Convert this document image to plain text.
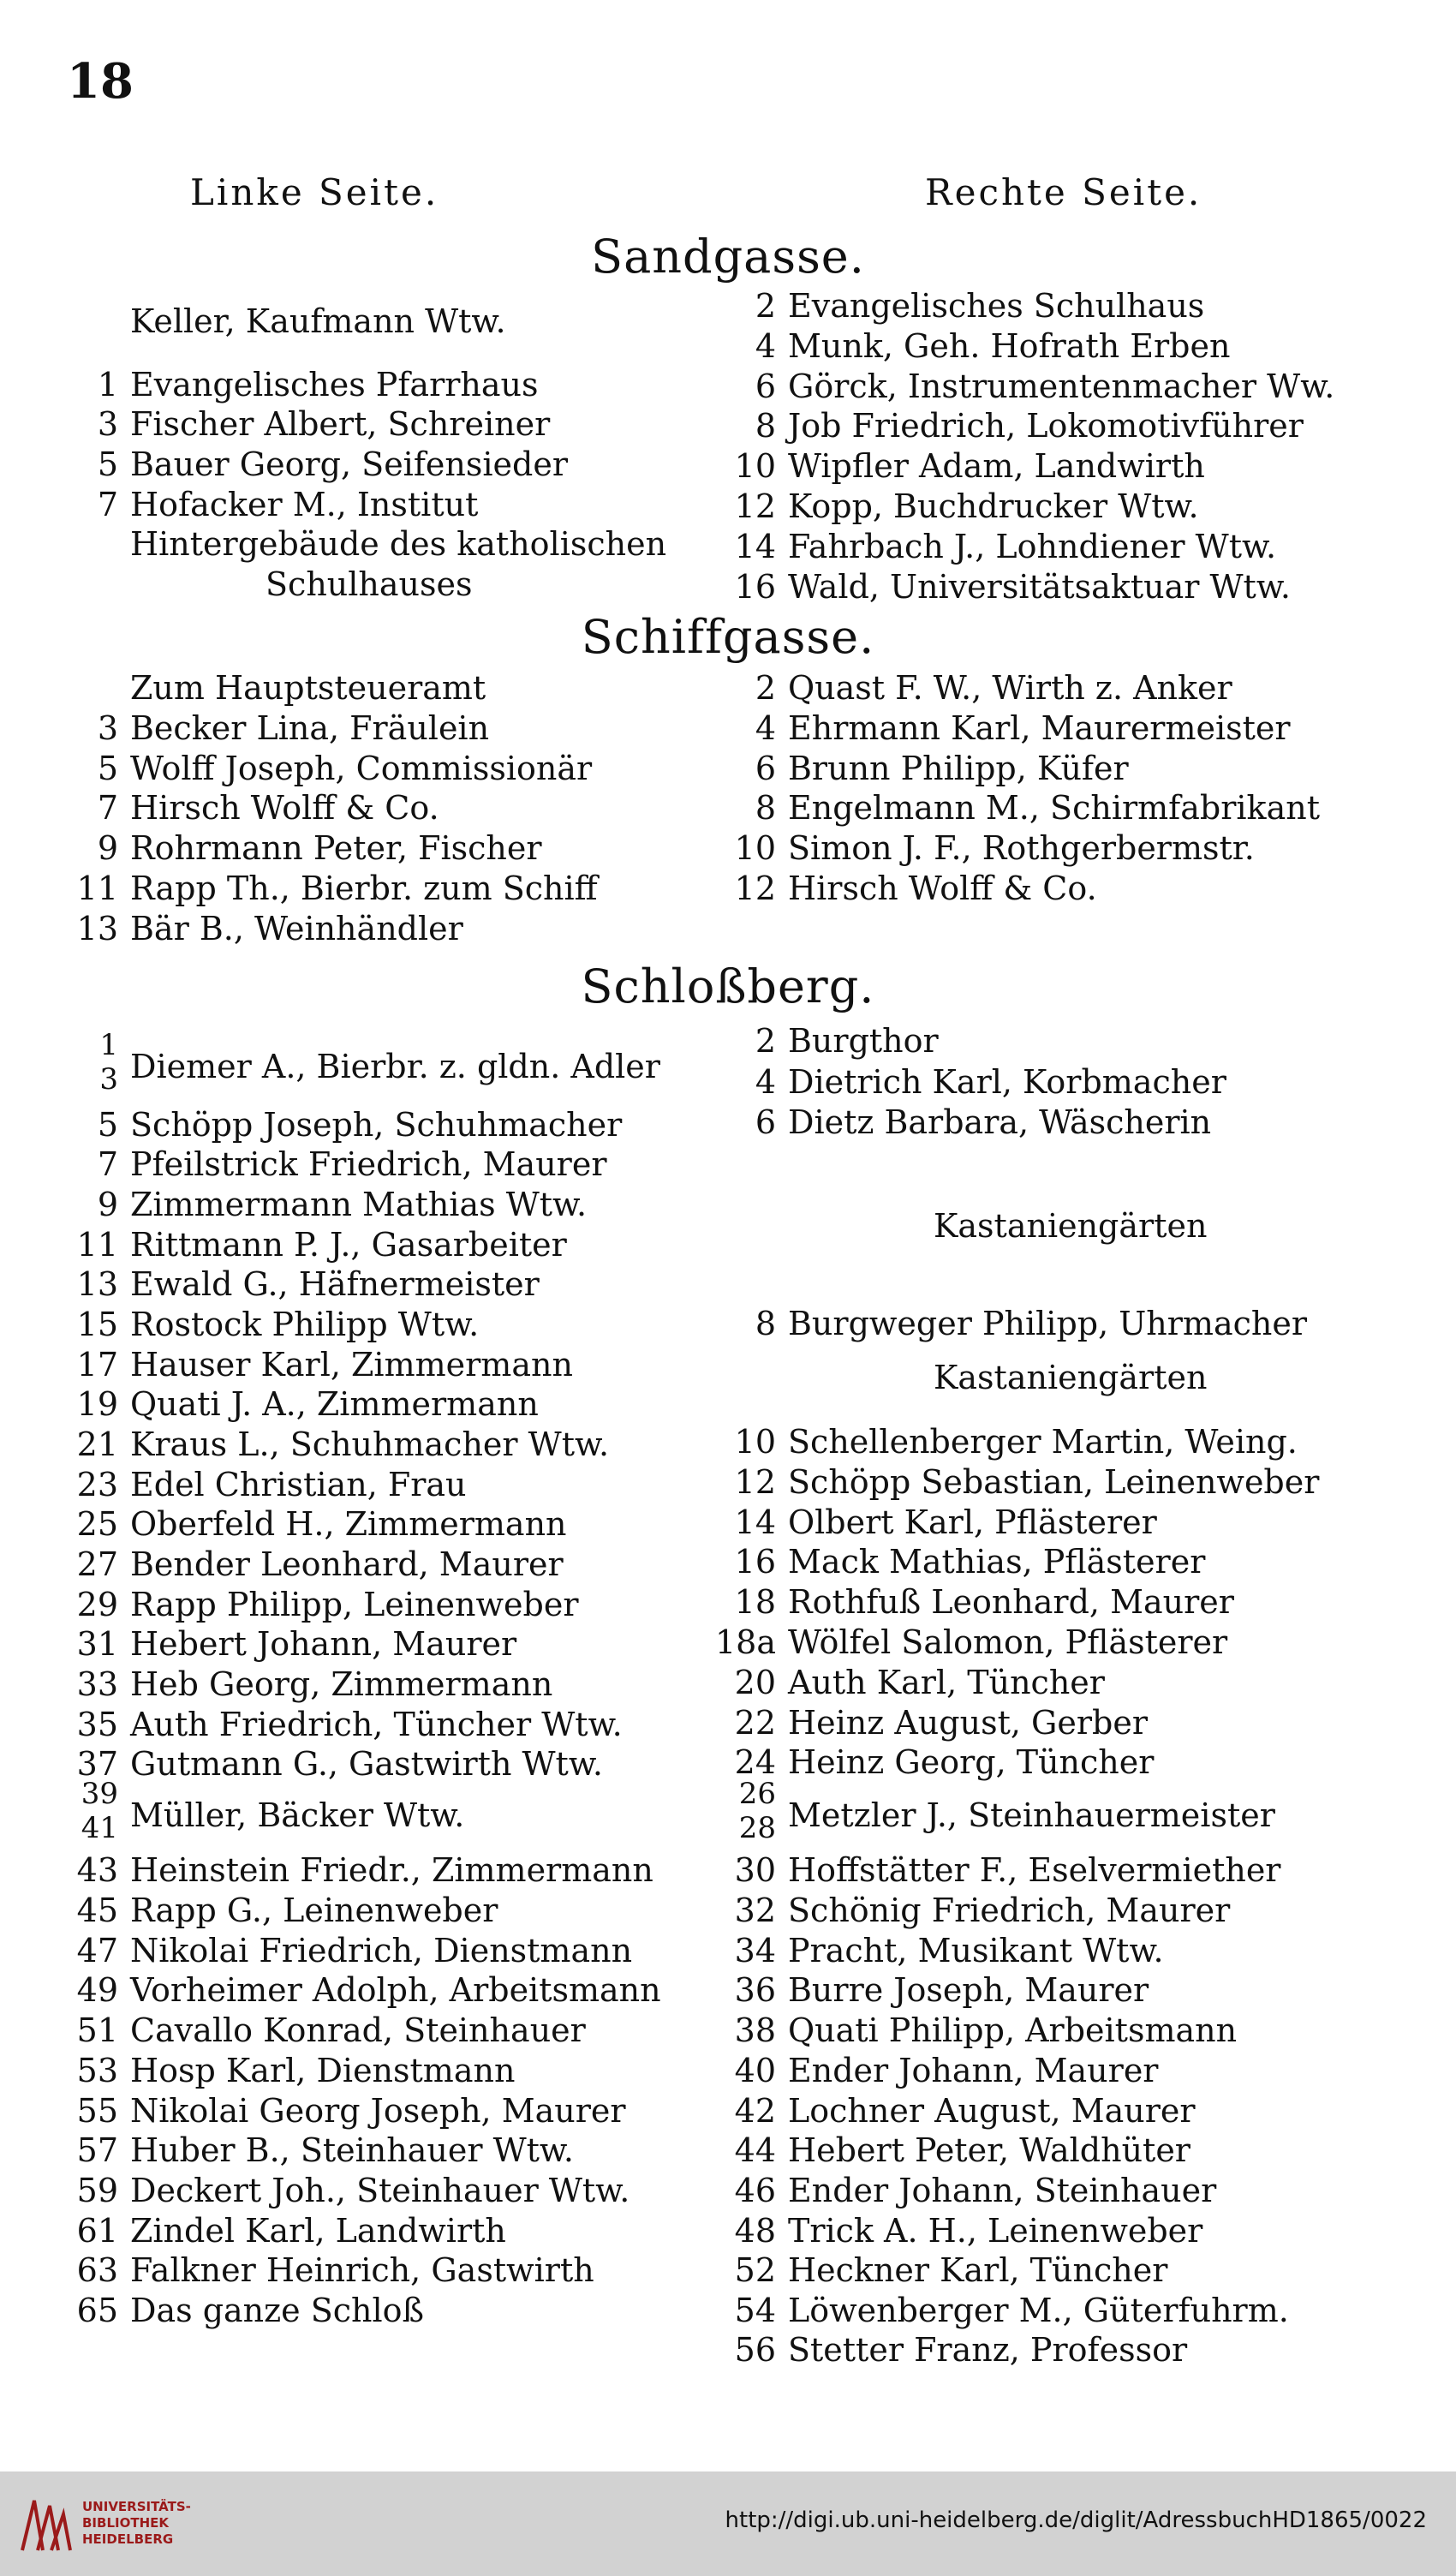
18
Linke Seite.	Rechte Seite.
Keller, Kaufmann Wtw.
1 Evangelisches Pfarrhaus
3 Fischer Albert, Schreiner
5 Bauer Georg, Seifensieder
7 Hofacker M., Institut
Hintergebäude des katholischen
Schulhauses
2 Evangelisches Schulhaus
4 Munk, Geh. Hofrath Erben
6 Görck, Instrumentenmacher Ww.
8 Job Friedrich, Lokomotivführer
10 Wipfler Adam, Landwirth
12 Kopp, Buchdrucker Wtw.
14 Fahrbach J., Lohndiener Wtw.
16 Wald, Universitätsaktuar Wtw.
Zum Hauptsteueramt
3 Becker Lina, Fräulein
5 Wolff Joseph, Commissionär
7 Hirsch Wolff & Co.
9 Rohrmann Peter, Fischer
11 Rapp Th., Bierbr. zum Schiff
13 Bär B., Weinhändler
2 Quast F. W., Wirth z. Anker
4 Ehrmann Karl, Maurermeister
6 Brunn Philipp, Küfer
8 Engelmann M., Schirmfabrikant
10 Simon J. F., Rothgerbermstr.
12 Hirsch Wolff & Co.
1
3 Diemer A., Bierbr. z. gldn. Adler
5 Schöpp Joseph, Schuhmacher
7 Pfeilstrick Friedrich, Maurer
9 Zimmermann Mathias Wtw.
11 Rittmann P. J., Gasarbeiter
13 Ewald G., Häfnermeister
15 Rostock Philipp Wtw.
17 Hauser Karl, Zimmermann
19 Quati J. A., Zimmermann
21 Kraus L., Schuhmacher Wtw.
23 Edel Christian, Frau
25 Oberfeld H., Zimmermann
27 Bender Leonhard, Maurer
29 Rapp Philipp, Leinenweber
31 Hebert Johann, Maurer
33 Heb Georg, Zimmermann
35 Auth Friedrich, Tüncher Wtw.
37 Gutmann G., Gastwirth Wtw.
39
41 Müller, Bäcker Wtw.
43 Heinstein Friedr., Zimmermann
45 Rapp G., Leinenweber
47 Nikolai Friedrich, Dienstmann
49 Vorheimer Adolph, Arbeitsmann
51 Cavallo Konrad, Steinhauer
53 Hosp Karl, Dienstmann
55 Nikolai Georg Joseph, Maurer
57 Huber B., Steinhauer Wtw.
59 Deckert Joh., Steinhauer Wtw.
61 Zindel Karl, Landwirth
63 Falkner Heinrich, Gastwirth
65 Das ganze Schloß
2 Burgthor
4 Dietrich Karl, Korbmacher
6 Dietz Barbara, Wäscherin
Kastaniengärten
8 Burgweger Philipp, Uhrmacher
Kastaniengärten
10 Schellenberger Martin, Weing.
12 Schöpp Sebastian, Leinenweber
14 Olbert Karl, Pflästerer
16 Mack Mathias, Pflästerer
18 Rothfuß Leonhard, Maurer
18a Wölfel Salomon, Pflästerer
20 Auth Karl, Tüncher
22 Heinz August, Gerber
24 Heinz Georg, Tüncher
26
28 Metzler J., Steinhauermeister
30 Hoffstätter F., Eselvermiether
32 Schönig Friedrich, Maurer
34 Pracht, Musikant Wtw.
36 Burre Joseph, Maurer
38 Quati Philipp, Arbeitsmann
40 Ender Johann, Maurer
42 Lochner August, Maurer
44 Hebert Peter, Waldhüter
46 Ender Johann, Steinhauer
48 Trick A. H., Leinenweber
52 Heckner Karl, Tüncher
54 Löwenberger M., Güterfuhrm.
56 Stetter Franz, Professor
Sandgasse.
Schiffgasse.
Schloßberg.
UNIVERSITÄTS-
BIBLIOTHEK
HEIDELBERG
http://digi.ub.uni-heidelberg.de/diglit/AdressbuchHD1865/0022
